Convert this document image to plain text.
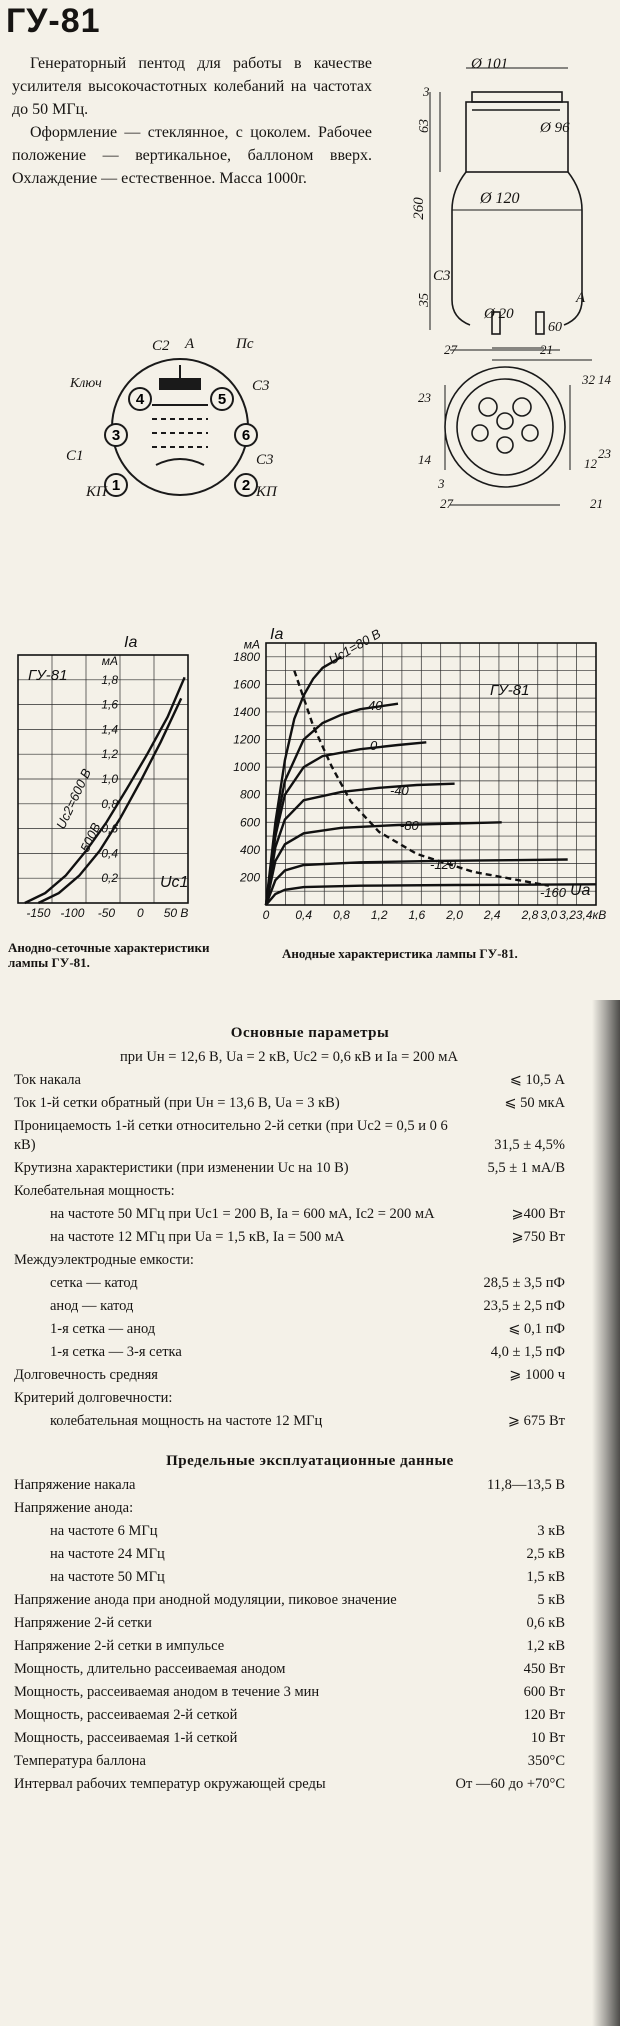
ГУ-81

Генераторный пентод для работы в качестве усилителя высокочастотных колебаний на частотах до 50 МГц.

Оформление — стеклянное, с цоколем. Рабочее положение — вертикальное, баллоном вверх. Охлаждение — естественное. Масса 1000г.

Ø 101
Ø 96
Ø 120
Ø 20
260
63
35
60
3
С3
А
27	21
23
32 14
12
3
27	21
23
14
1	2
3
4	5
6
С2 А	Пс
Ключ	С3
С1	С3
КП	КП
-150 -100 -50 0 50 В
0,2
0,4
0,6
0,8
1,0
1,2
1,4
1,6
1,8
мА
Iа
Uс1
ГУ-81
Uс2=600 В
500В
Анодно-сеточные характеристики лампы ГУ-81.
0 0,4 0,8 1,2 1,6 2,0 2,4 2,8 3,0 3,2 3,4кВ
200
400
600
800
1000
1200
1400
1600
1800
мА
Iа
Uа
ГУ-81
Uс1=80 В
40
0
-40
-80
-120
-160
Анодные характеристика лампы ГУ-81.
Основные параметры
при Uн = 12,6 В, Uа = 2 кВ, Uс2 = 0,6 кВ и Iа = 200 мА
Ток накала	⩽ 10,5 А
Ток 1-й сетки обратный (при Uн = 13,6 В, Uа = 3 кВ)	⩽ 50 мкА
Проницаемость 1-й сетки относительно 2-й сетки (при Uс2 = 0,5 и 0 6 кВ)	31,5 ± 4,5%
Крутизна характеристики (при изменении Uс на 10 В)	5,5 ± 1 мА/В
Колебательная мощность:
на частоте 50 МГц при Uс1 = 200 В, Iа = 600 мА, Iс2 = 200 мА	⩾400 Вт
на частоте 12 МГц при Uа = 1,5 кВ, Iа = 500 мА	⩾750 Вт
Междуэлектродные емкости:
сетка — катод	28,5 ± 3,5 пФ
анод — катод	23,5 ± 2,5 пФ
1-я сетка — анод	⩽ 0,1 пФ
1-я сетка — 3-я сетка	4,0 ± 1,5 пФ
Долговечность средняя	⩾ 1000 ч
Критерий долговечности:
колебательная мощность на частоте 12 МГц	⩾ 675 Вт
Предельные эксплуатационные данные
Напряжение накала	11,8—13,5 В
Напряжение анода:
на частоте 6 МГц	3 кВ
на частоте 24 МГц	2,5 кВ
на частоте 50 МГц	1,5 кВ
Напряжение анода при анодной модуляции, пиковое значение	5 кВ
Напряжение 2-й сетки	0,6 кВ
Напряжение 2-й сетки в импульсе	1,2 кВ
Мощность, длительно рассеиваемая анодом	450 Вт
Мощность, рассеиваемая анодом в течение 3 мин	600 Вт
Мощность, рассеиваемая 2-й сеткой	120 Вт
Мощность, рассеиваемая 1-й сеткой	10 Вт
Температура баллона	350°С
Интервал рабочих температур окружающей среды	От —60 до +70°С
